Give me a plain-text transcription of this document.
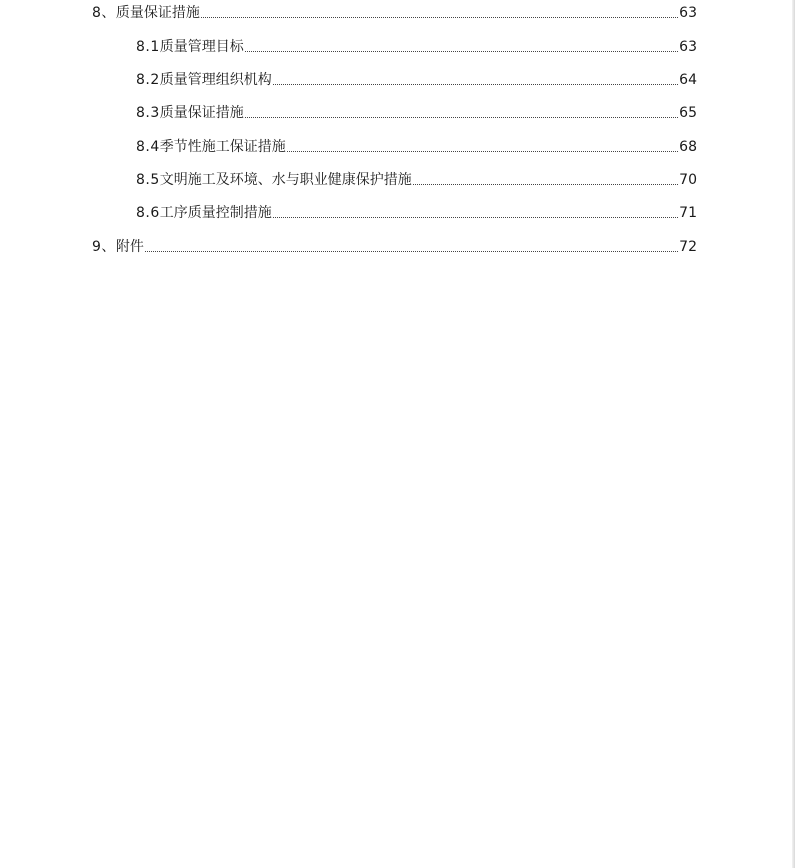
8、 质量保证措施	63
8.1 质量管理目标	63
8.2 质量管理组织机构	64
8.3 质量保证措施	65
8.4 季节性施工保证措施	68
8.5 文明施工及环境、水与职业健康保护措施	70
8.6 工序质量控制措施	71
9、 附件	72
